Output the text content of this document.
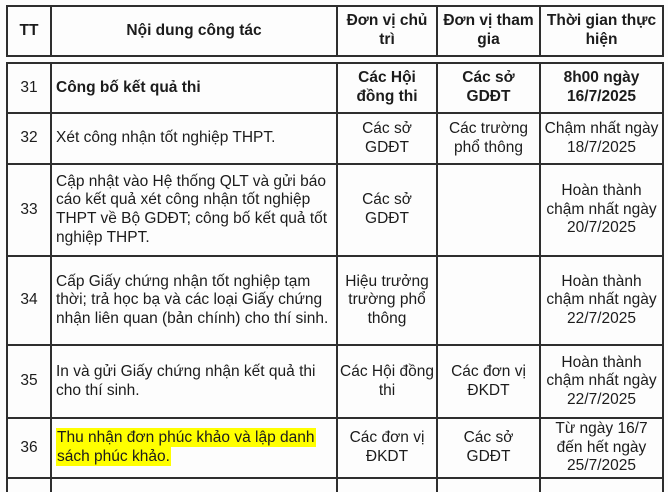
TT	Nội dung công tác	Đơn vị chủ trì	Đơn vị tham gia	Thời gian thực hiện
31	Công bố kết quả thi	Các Hội đồng thi	Các sở GDĐT	8h00 ngày 16/7/2025
32	Xét công nhận tốt nghiệp THPT.	Các sở GDĐT	Các trường phổ thông	Chậm nhất ngày 18/7/2025
33	Cập nhật vào Hệ thống QLT và gửi báo cáo kết quả xét công nhận tốt nghiệp THPT về Bộ GDĐT; công bố kết quả tốt nghiệp THPT.	Các sở GDĐT		Hoàn thành chậm nhất ngày 20/7/2025
34	Cấp Giấy chứng nhận tốt nghiệp tạm thời; trả học bạ và các loại Giấy chứng nhận liên quan (bản chính) cho thí sinh.	Hiệu trưởng trường phổ thông		Hoàn thành chậm nhất ngày 22/7/2025
35	In và gửi Giấy chứng nhận kết quả thi cho thí sinh.	Các Hội đồng thi	Các đơn vị ĐKDT	Hoàn thành chậm nhất ngày 22/7/2025
36	Thu nhận đơn phúc khảo và lập danh sách phúc khảo.	Các đơn vị ĐKDT	Các sở GDĐT	Từ ngày 16/7 đến hết ngày 25/7/2025
